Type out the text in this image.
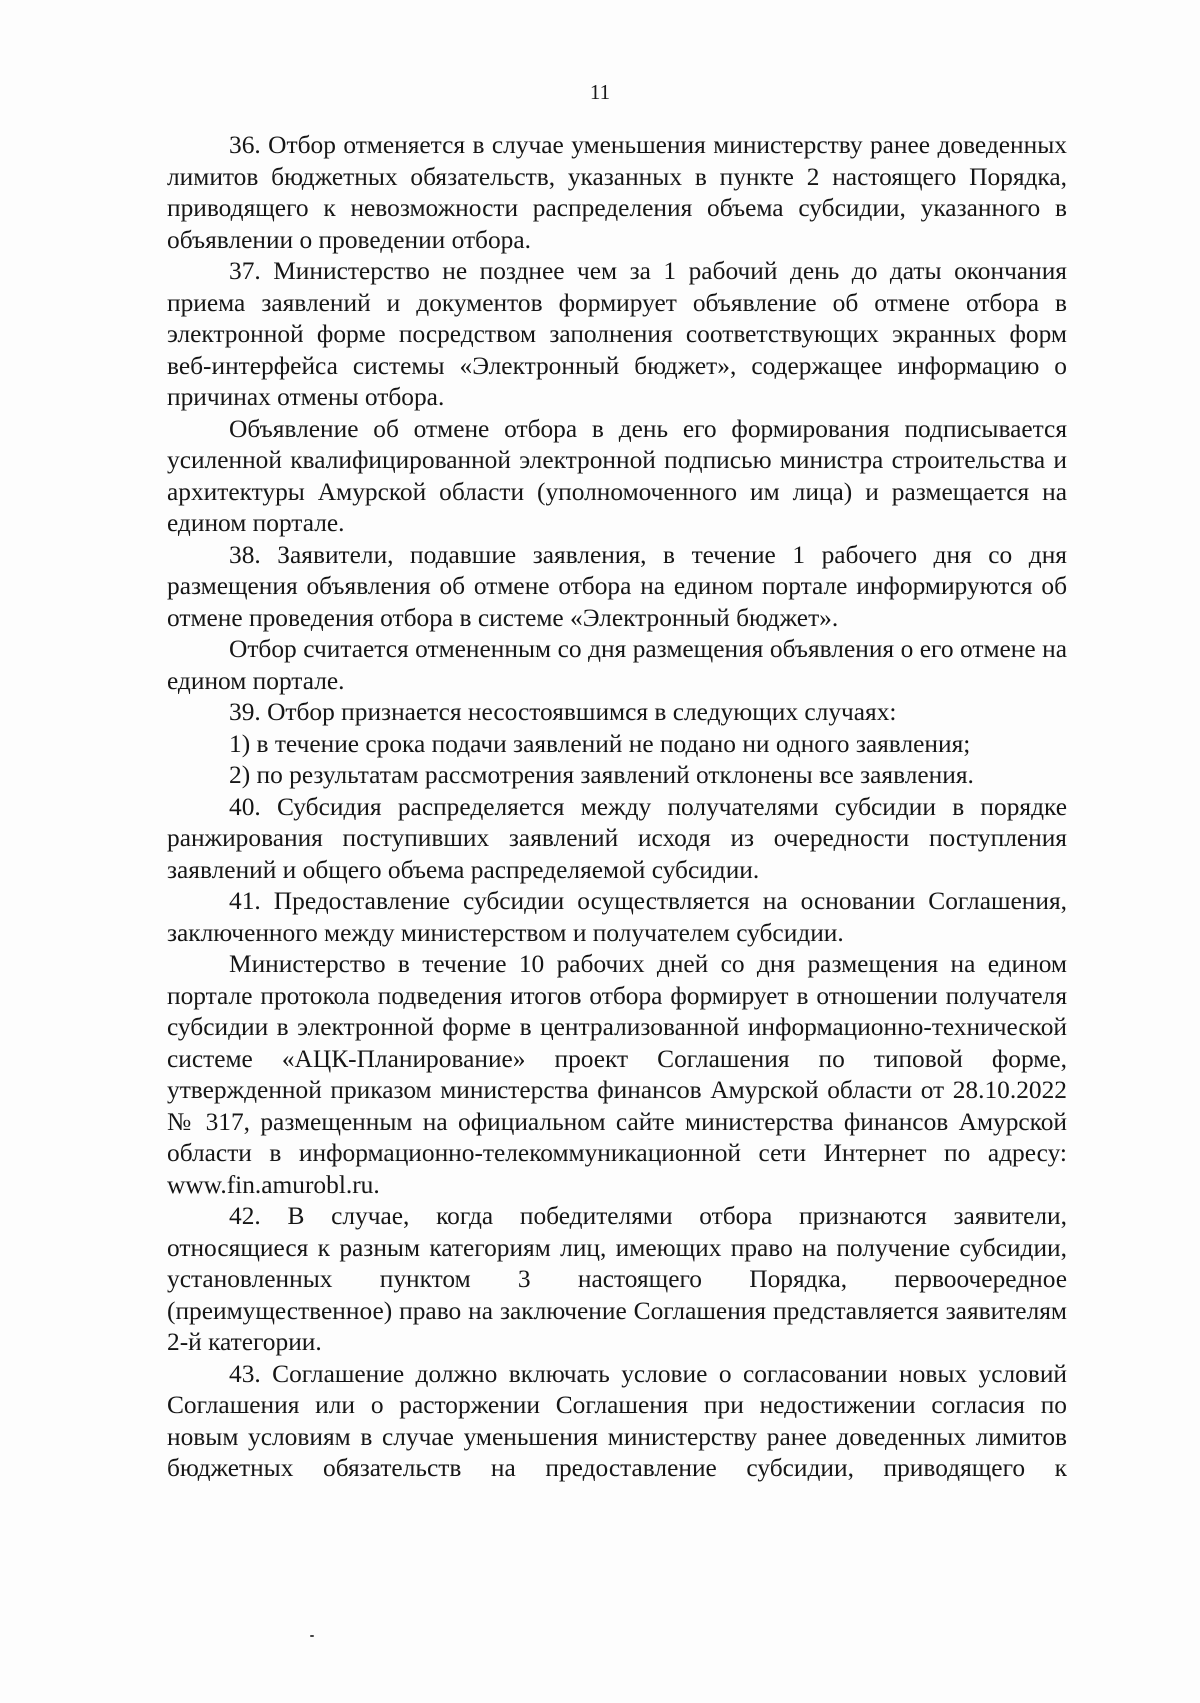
11

36. Отбор отменяется в случае уменьшения министерству ранее доведенных лимитов бюджетных обязательств, указанных в пункте 2 настоящего Порядка, приводящего к невозможности распределения объема субсидии, указанного в объявлении о проведении отбора.

37. Министерство не позднее чем за 1 рабочий день до даты окончания приема заявлений и документов формирует объявление об отмене отбора в электронной форме посредством заполнения соответствующих экранных форм веб-интерфейса системы «Электронный бюджет», содержащее информацию о причинах отмены отбора.

Объявление об отмене отбора в день его формирования подписывается усиленной квалифицированной электронной подписью министра строительства и архитектуры Амурской области (уполномоченного им лица) и размещается на едином портале.

38. Заявители, подавшие заявления, в течение 1 рабочего дня со дня размещения объявления об отмене отбора на едином портале информируются об отмене проведения отбора в системе «Электронный бюджет».

Отбор считается отмененным со дня размещения объявления о его отмене на едином портале.

39. Отбор признается несостоявшимся в следующих случаях:

1) в течение срока подачи заявлений не подано ни одного заявления;

2) по результатам рассмотрения заявлений отклонены все заявления.

40. Субсидия распределяется между получателями субсидии в порядке ранжирования поступивших заявлений исходя из очередности поступления заявлений и общего объема распределяемой субсидии.

41. Предоставление субсидии осуществляется на основании Соглашения, заключенного между министерством и получателем субсидии.

Министерство в течение 10 рабочих дней со дня размещения на едином портале протокола подведения итогов отбора формирует в отношении получателя субсидии в электронной форме в централизованной информационно-технической системе «АЦК-Планирование» проект Соглашения по типовой форме, утвержденной приказом министерства финансов Амурской области от 28.10.2022 № 317, размещенным на официальном сайте министерства финансов Амурской области в информационно-телекоммуникационной сети Интернет по адресу: www.fin.amurobl.ru.

42. В случае, когда победителями отбора признаются заявители, относящиеся к разным категориям лиц, имеющих право на получение субсидии, установленных пунктом 3 настоящего Порядка, первоочередное (преимущественное) право на заключение Соглашения представляется заявителям 2-й категории.

43. Соглашение должно включать условие о согласовании новых условий Соглашения или о расторжении Соглашения при недостижении согласия по новым условиям в случае уменьшения министерству ранее доведенных лимитов бюджетных обязательств на предоставление субсидии, приводящего к
